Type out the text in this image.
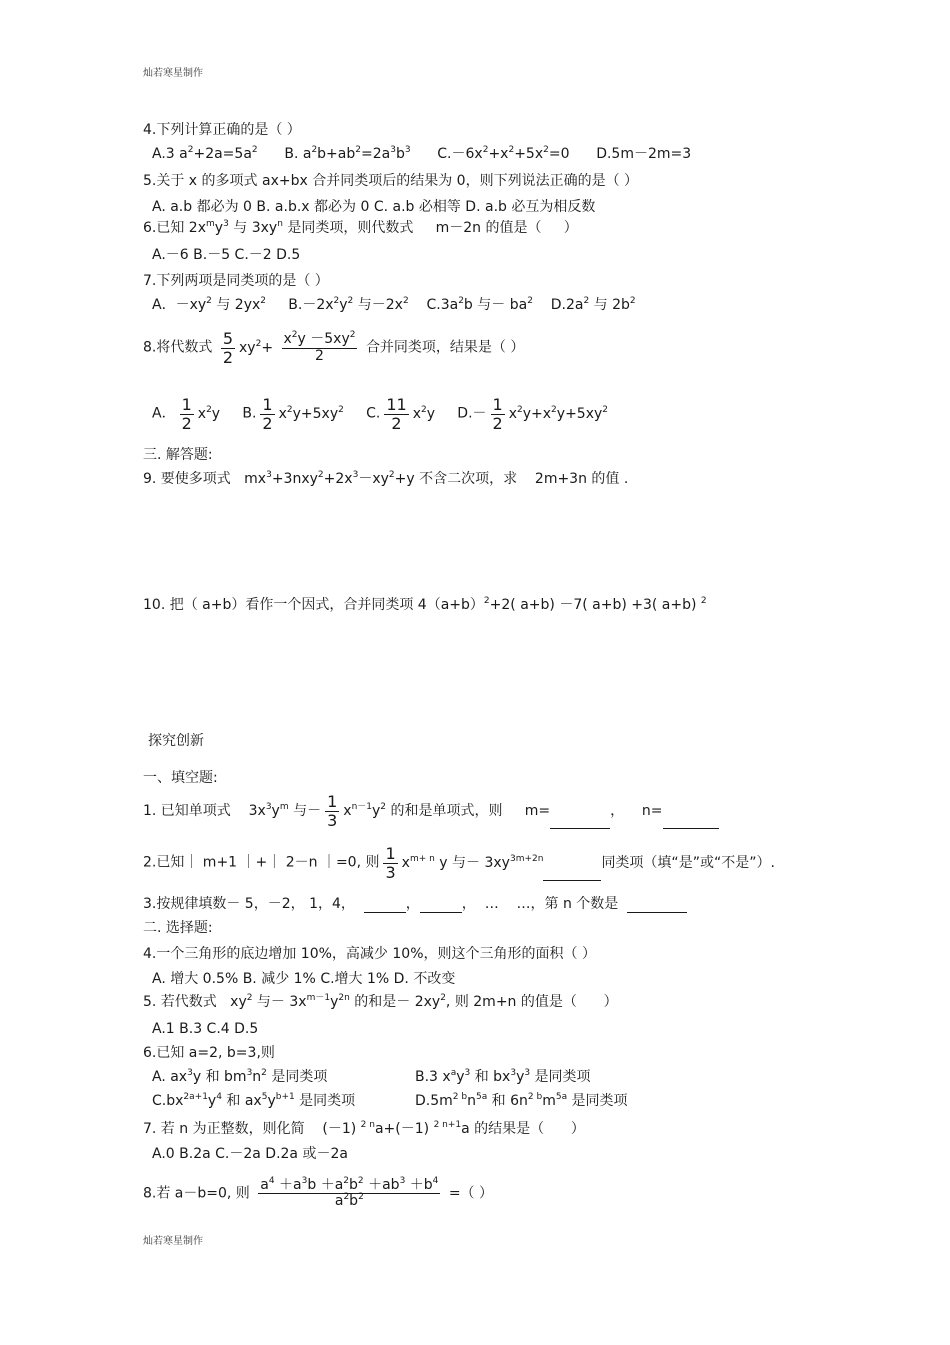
灿若寒星制作
灿若寒星制作
4.下列计算正确的是（ ）
A.3 $a^2+2a=5a^2$ B. $a^2b+ab^2=2a^3b^3$ $C.-6x^2+x^2+5x^2=0$      D.5m－2m=3
5.关于 x 的多项式 ax+bx 合并同类项后的结果为 0，则下列说法正确的是（ ）
A. a.b 都必为 0 B. a.b.x 都必为 0 C. a.b 必相等 D. a.b 必互为相反数
6.已知 $2x^my^3$ 与 $3xy^n$ 是同类项，则代数式     m－2n 的值是（     ）
A.－6 B.－5 C.－2 D.5
7.下列两项是同类项的是（ ）
A．$-xy^2$ 与 $2yx^2$     $B.-2x^2y^2$ 与$-2x^2$    $C.3a^2b$ 与－ $ba^2$    $D.2a^2$ 与 $2b^2$
8.将代数式 $\frac{5}{2} xy^2+ \frac{x^2y -5xy^2}{2}$ 合并同类项，结果是（ ）
A． $\frac{1}{2} x^2y$     B. $\frac{1}{2} x^2y+5xy^2$     C. $\frac{11}{2} x^2y$     $D.- \frac{1}{2} x^2y+x^2y+5xy^2$
三. 解答题:
9. 要使多项式   $mx^3+3nxy^2+2x^3-xy^2+y$ 不含二次项，求    2m+3n 的值 .
10. 把（ a+b）看作一个因式，合并同类项 $4(a+b)^2+2$( a+b) －7( a+b) +3( a+b) $^2$
探究创新
一、填空题:
1. 已知单项式    $3x^3y^m$ 与－ $\frac{1}{3} x^{n-1}y^2$ 的和是单项式，则     m=	，    n=
2.已知｜ m+1 ｜+｜ 2－n ｜=0, 则 $\frac{1}{3} x^{m+ n}$ y 与－ $3xy^{3m+2n}$	同类项（填“是”或“不是”）.
3.按规律填数－ 5，－2， 1，4，	，	，  …    …，第 n 个数是
二. 选择题:
4.一个三角形的底边增加 10%，高减少 10%，则这个三角形的面积（ ）
A. 增大 0.5% B. 减少 1% C.增大 1% D. 不改变
5. 若代数式   $xy^2$ 与－ $3x^{m-1}y^{2n}$ 的和是－ $2xy^2$, 则 2m+n 的值是（      ）
A.1 B.3 C.4 D.5
6.已知 a=2, b=3,则
A. $ax^3y$ 和 $bm^3n^2$ 是同类项	B.3 $x^ay^3$ 和 $bx^3y^3$ 是同类项
$C.bx^{2a+1}y^4$ 和 $ax^5y^{b+1}$ 是同类项	$D.5m^{2 b}n^{5a}$ 和 $6n^{2 b}m^{5a}$ 是同类项
7. 若 n 为正整数，则化简    (－1) $^{2 n}$a+(－1) $^{2 n+1}$a 的结果是（      ）
A.0 B.2a C.－2a D.2a 或－2a
8.若 a－b=0, 则 $\frac{a^4 +a^3b +a^2b^2 +ab^3 +b^4}{a^2b^2}$ =（ ）
